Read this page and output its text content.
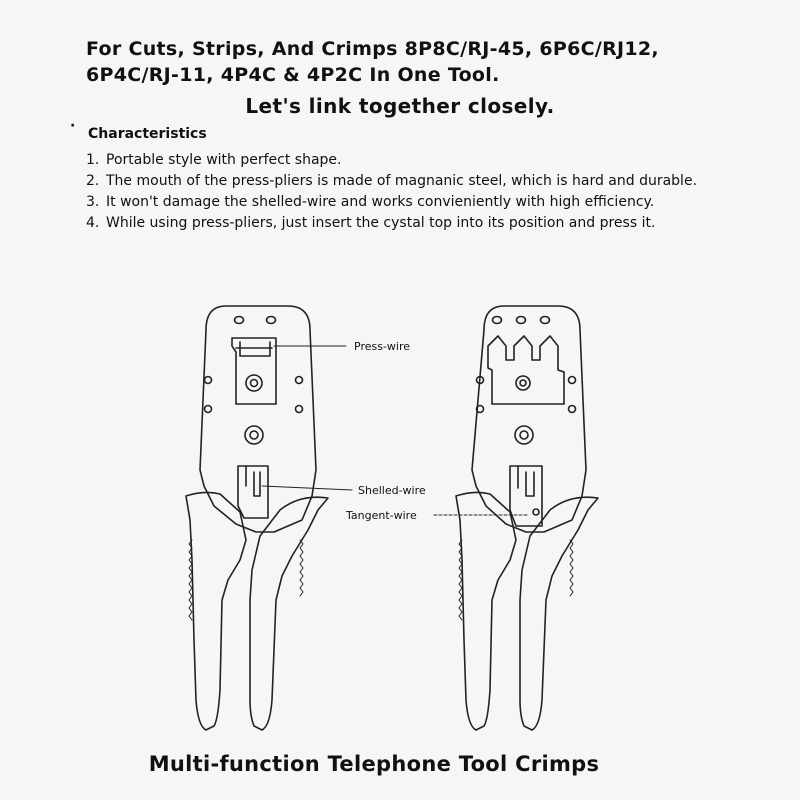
For Cuts, Strips, And Crimps 8P8C/RJ-45, 6P6C/RJ12,
6P4C/RJ-11, 4P4C & 4P2C In One Tool.
Let's link together closely.
· Characteristics
1. Portable style with perfect shape.
2. The mouth of the press-pliers is made of magnanic steel, which is hard and durable.
3. It won't damage the shelled-wire and works convieniently with high efficiency.
4. While using press-pliers, just insert the cystal top into its position and press it.
Press-wire
Shelled-wire
Tangent-wire
Multi-function Telephone Tool Crimps
